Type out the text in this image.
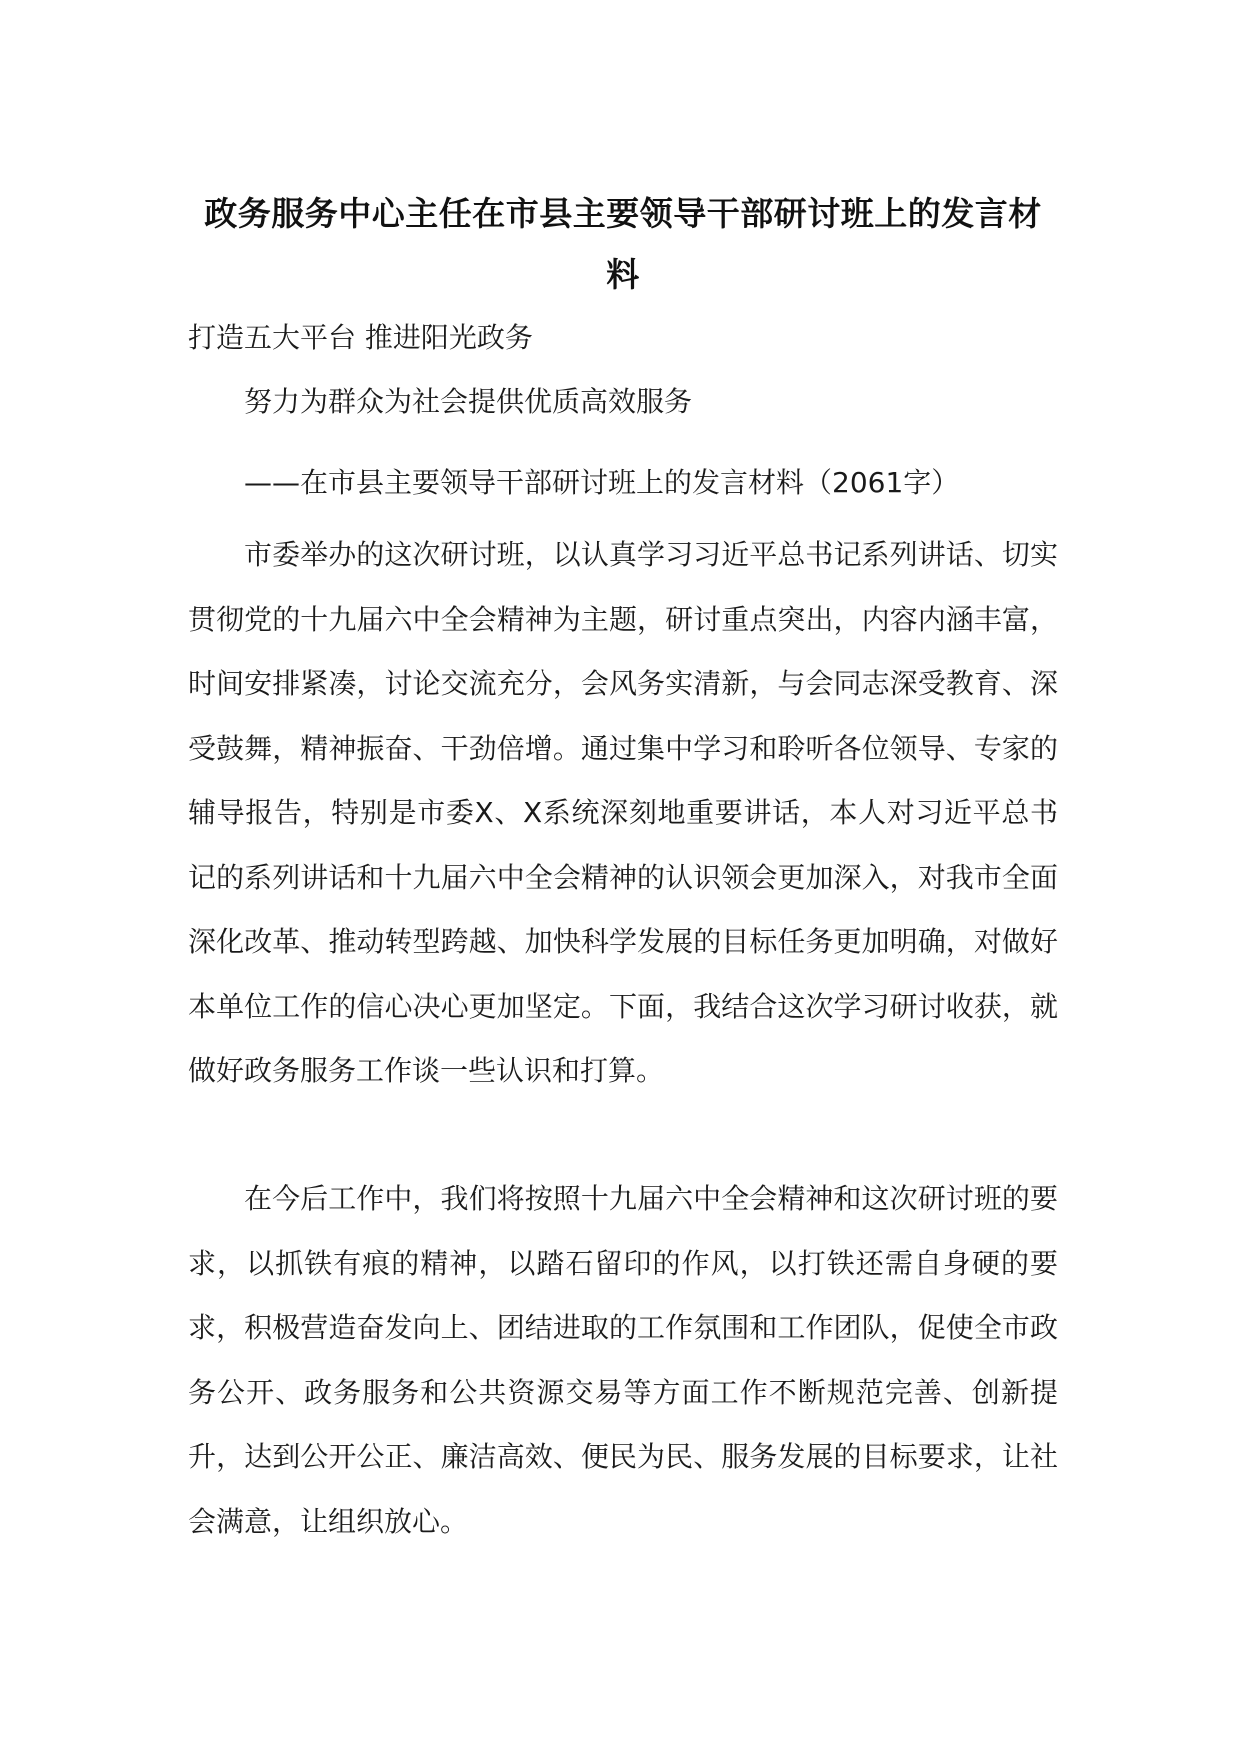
政务服务中心主任在市县主要领导干部研讨班上的发言材料

打造五大平台 推进阳光政务

努力为群众为社会提供优质高效服务

——在市县主要领导干部研讨班上的发言材料（2061字）

市委举办的这次研讨班，以认真学习习近平总书记系列讲话、切实贯彻党的十九届六中全会精神为主题，研讨重点突出，内容内涵丰富，时间安排紧凑，讨论交流充分，会风务实清新，与会同志深受教育、深受鼓舞，精神振奋、干劲倍增。通过集中学习和聆听各位领导、专家的辅导报告，特别是市委X、X系统深刻地重要讲话，本人对习近平总书记的系列讲话和十九届六中全会精神的认识领会更加深入，对我市全面深化改革、推动转型跨越、加快科学发展的目标任务更加明确，对做好本单位工作的信心决心更加坚定。下面，我结合这次学习研讨收获，就做好政务服务工作谈一些认识和打算。

在今后工作中，我们将按照十九届六中全会精神和这次研讨班的要求，以抓铁有痕的精神，以踏石留印的作风，以打铁还需自身硬的要求，积极营造奋发向上、团结进取的工作氛围和工作团队，促使全市政务公开、政务服务和公共资源交易等方面工作不断规范完善、创新提升，达到公开公正、廉洁高效、便民为民、服务发展的目标要求，让社会满意，让组织放心。
